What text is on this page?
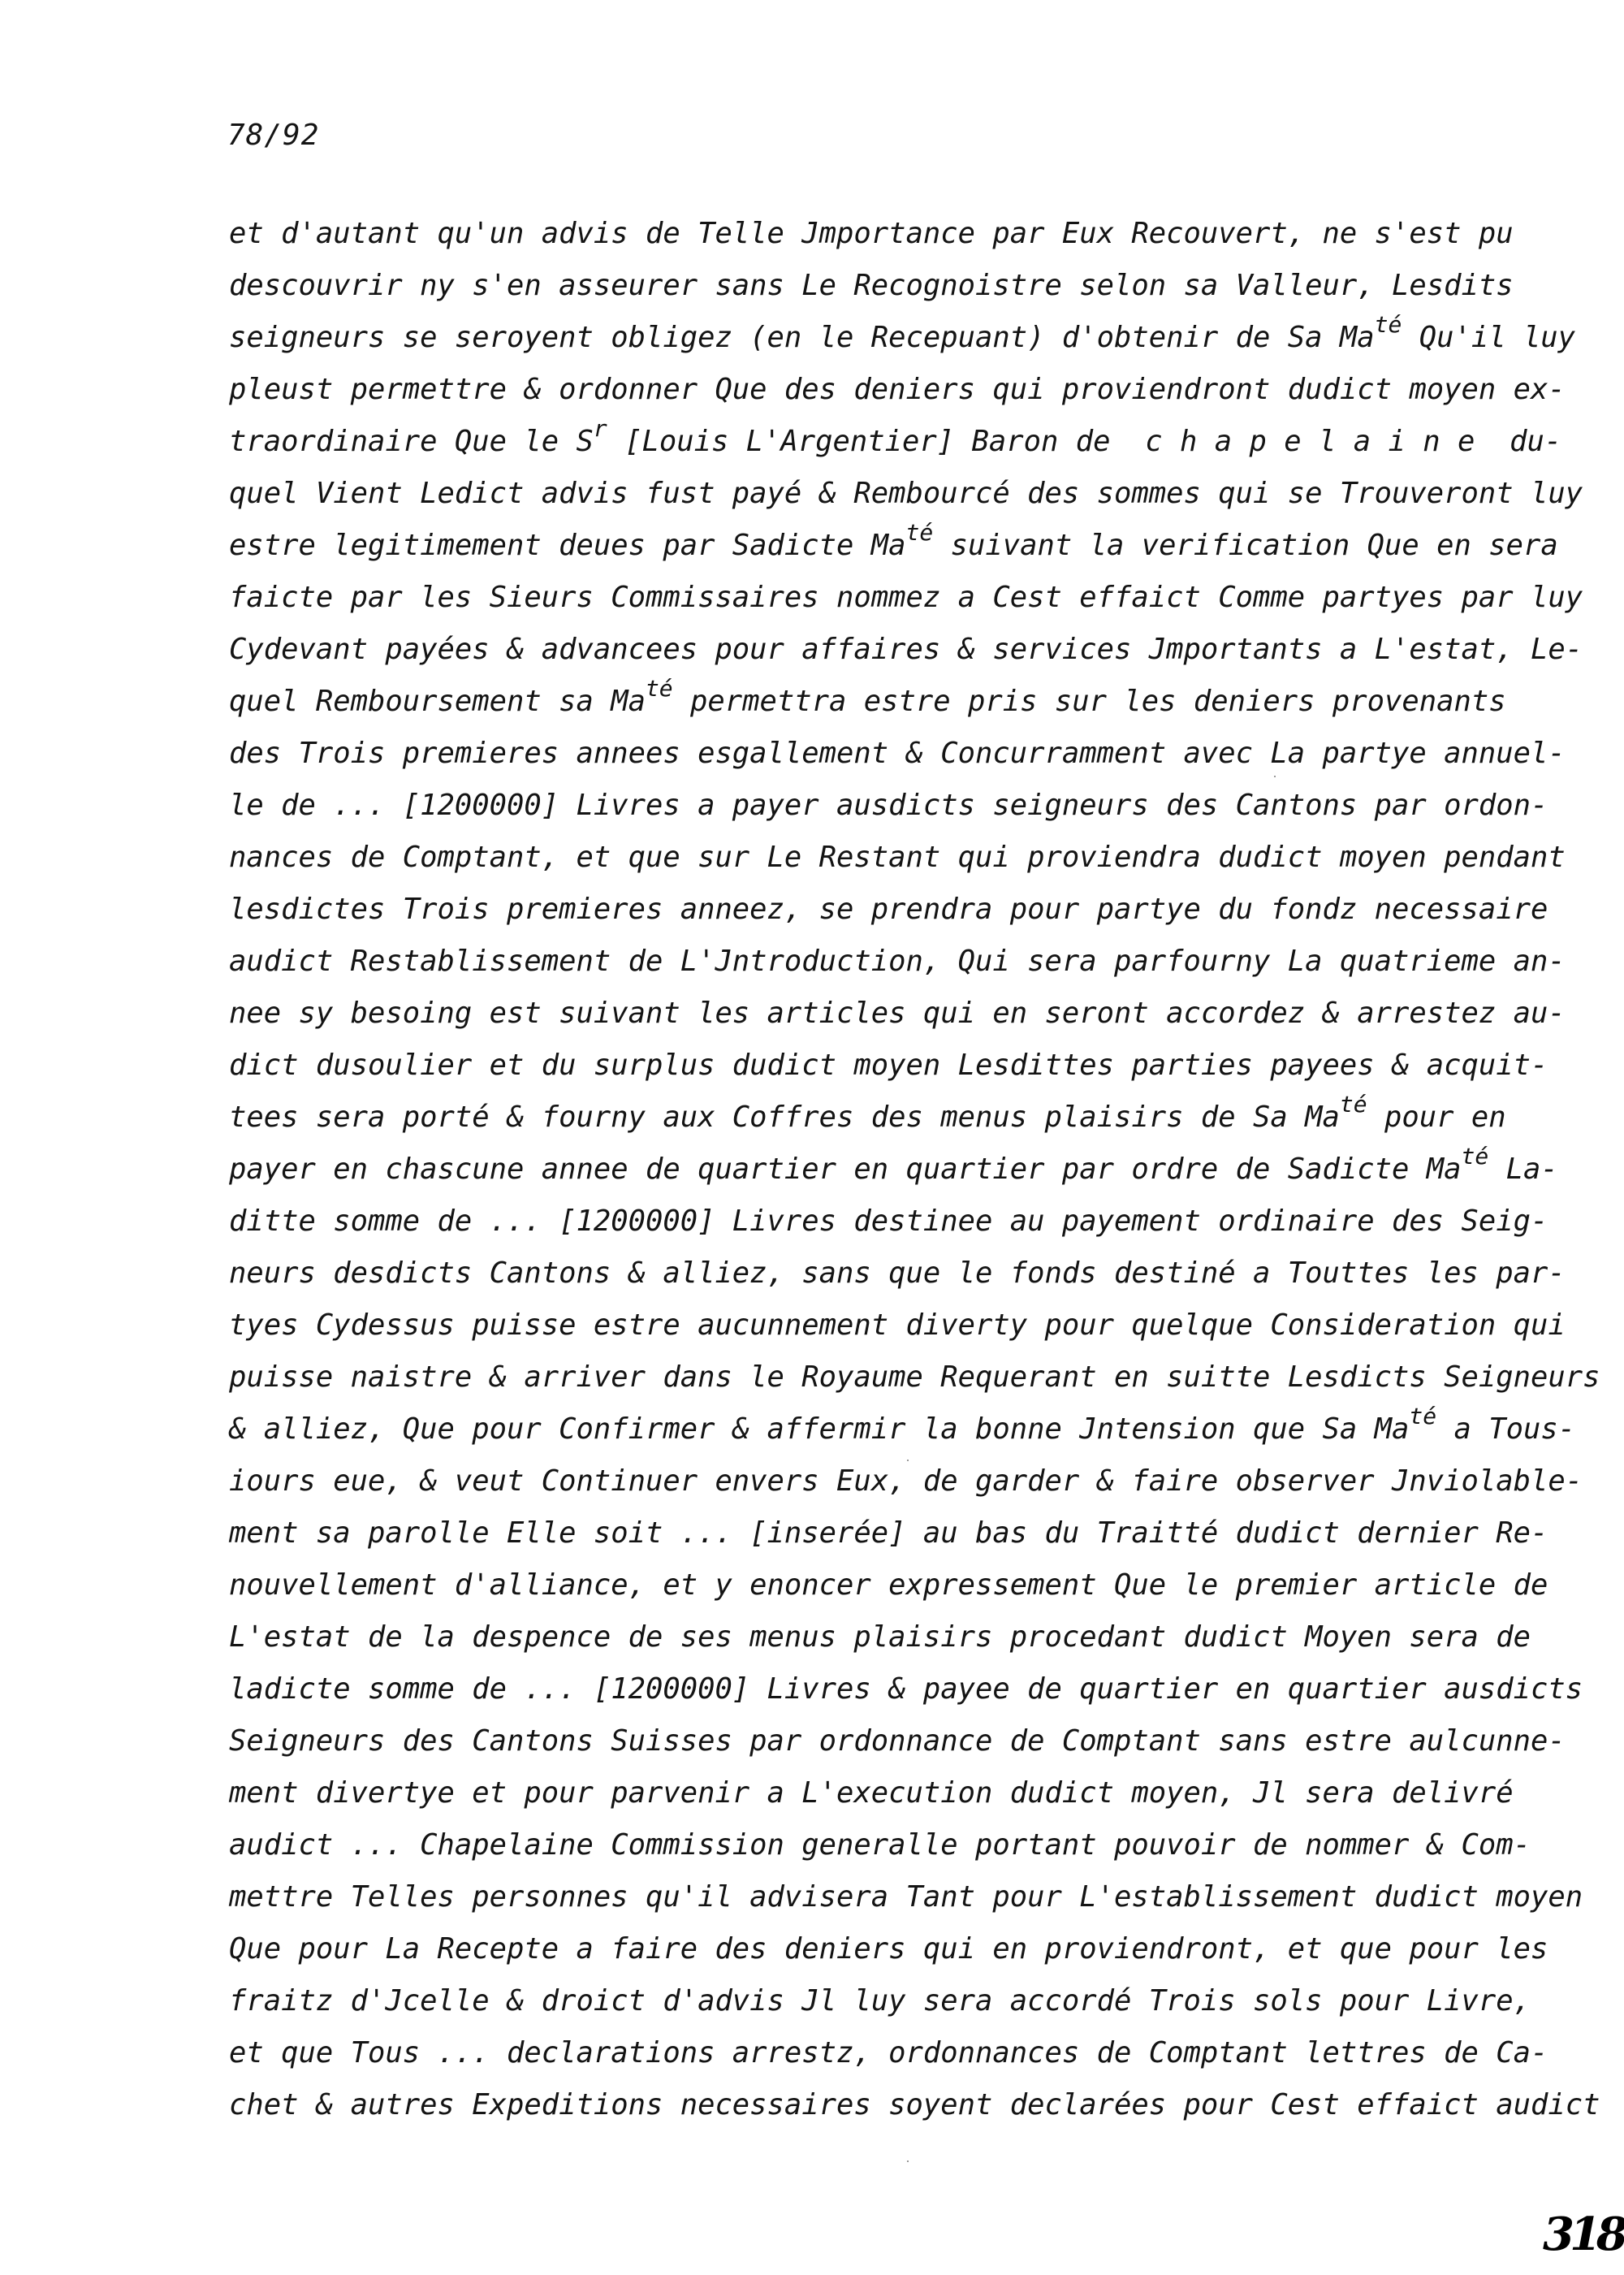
78/92
et d'autant qu'un advis de Telle Jmportance par Eux Recouvert, ne s'est pu
descouvrir ny s'en asseurer sans Le Recognoistre selon sa Valleur, Lesdits
seigneurs se seroyent obligez (en le Recepuant) d'obtenir de Sa $Ma^{té}$ Qu'il luy
pleust permettre & ordonner Que des deniers qui proviendront dudict moyen ex-
traordinaire Que le $S^r$ [Louis L'Argentier] Baron de  c h a p e l a i n e  du-
quel Vient Ledict advis fust payé & Rembourcé des sommes qui se Trouveront luy
estre legitimement deues par Sadicte $Ma^{té}$ suivant la verification Que en sera
faicte par les Sieurs Commissaires nommez a Cest effaict Comme partyes par luy
Cydevant payées & advancees pour affaires & services Jmportants a L'estat, Le-
quel Remboursement sa $Ma^{té}$ permettra estre pris sur les deniers provenants
des Trois premieres annees esgallement & Concurramment avec La partye annuel-
le de ... [1200000] Livres a payer ausdicts seigneurs des Cantons par ordon-
nances de Comptant, et que sur Le Restant qui proviendra dudict moyen pendant
lesdictes Trois premieres anneez, se prendra pour partye du fondz necessaire
audict Restablissement de L'Jntroduction, Qui sera parfourny La quatrieme an-
nee sy besoing est suivant les articles qui en seront accordez & arrestez au-
dict dusoulier et du surplus dudict moyen Lesdittes parties payees & acquit-
tees sera porté & fourny aux Coffres des menus plaisirs de Sa $Ma^{té}$ pour en
payer en chascune annee de quartier en quartier par ordre de Sadicte $Ma^{té}$ La-
ditte somme de ... [1200000] Livres destinee au payement ordinaire des Seig-
neurs desdicts Cantons & alliez, sans que le fonds destiné a Touttes les par-
tyes Cydessus puisse estre aucunnement diverty pour quelque Consideration qui
puisse naistre & arriver dans le Royaume Requerant en suitte Lesdicts Seigneurs
& alliez, Que pour Confirmer & affermir la bonne Jntension que Sa $Ma^{té}$ a Tous-
iours eue, & veut Continuer envers Eux, de garder & faire observer Jnviolable-
ment sa parolle Elle soit ... [inserée] au bas du Traitté dudict dernier Re-
nouvellement d'alliance, et y enoncer expressement Que le premier article de
L'estat de la despence de ses menus plaisirs procedant dudict Moyen sera de
ladicte somme de ... [1200000] Livres & payee de quartier en quartier ausdicts
Seigneurs des Cantons Suisses par ordonnance de Comptant sans estre aulcunne-
ment divertye et pour parvenir a L'execution dudict moyen, Jl sera delivré
audict ... Chapelaine Commission generalle portant pouvoir de nommer & Com-
mettre Telles personnes qu'il advisera Tant pour L'establissement dudict moyen
Que pour La Recepte a faire des deniers qui en proviendront, et que pour les
fraitz d'Jcelle & droict d'advis Jl luy sera accordé Trois sols pour Livre,
et que Tous ... declarations arrestz, ordonnances de Comptant lettres de Ca-
chet & autres Expeditions necessaires soyent declarées pour Cest effaict audict
318
